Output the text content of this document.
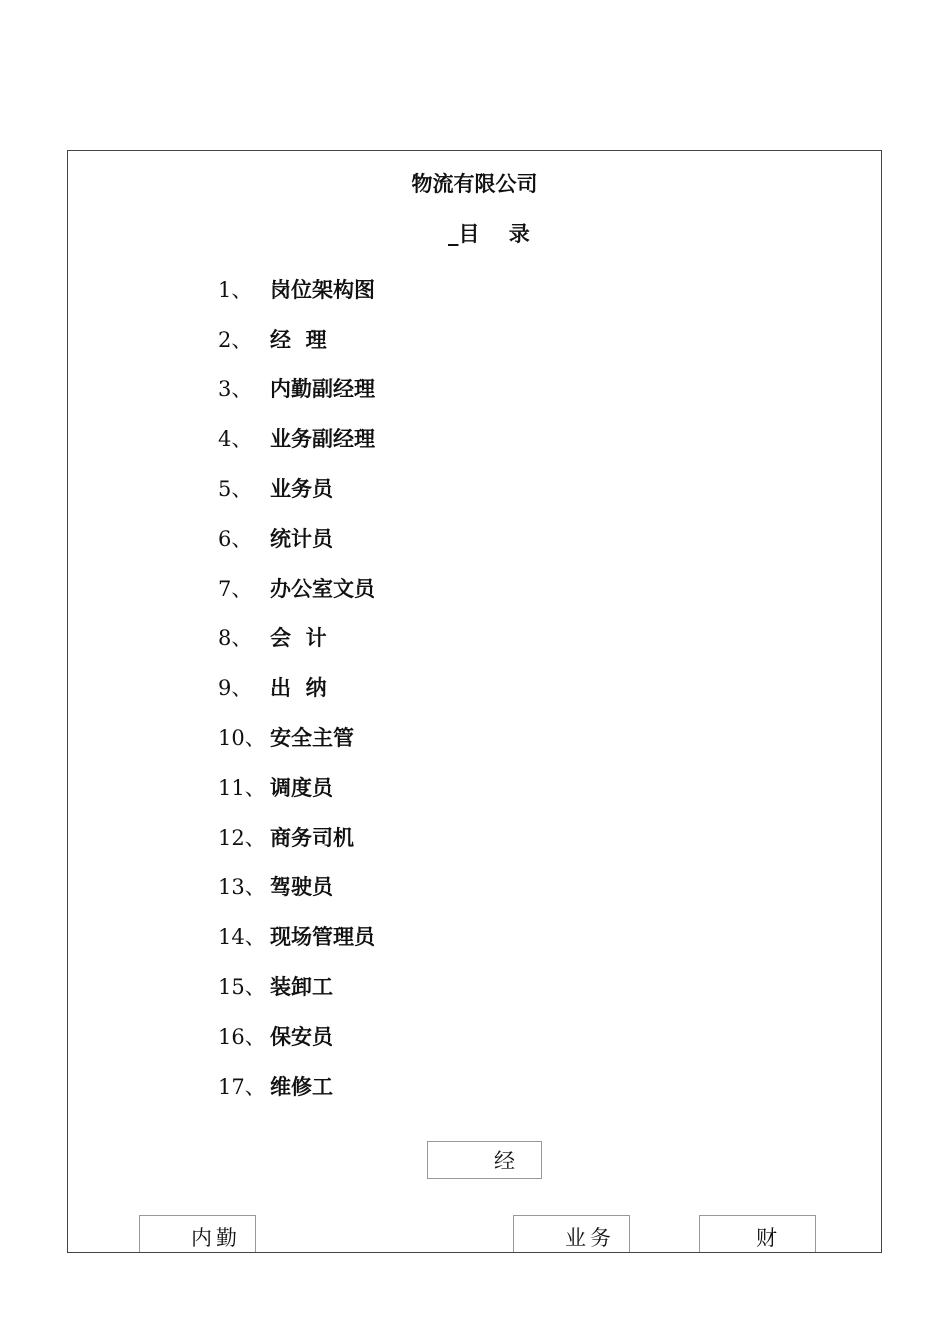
物流有限公司
_目    录
1、 岗位架构图
2、 经  理
3、 内勤副经理
4、 业务副经理
5、 业务员
6、 统计员
7、 办公室文员
8、 会  计
9、 出  纳
10、 安全主管
11、 调度员
12、 商务司机
13、 驾驶员
14、 现场管理员
15、 装卸工
16、 保安员
17、 维修工
经
内勤	业务	财
